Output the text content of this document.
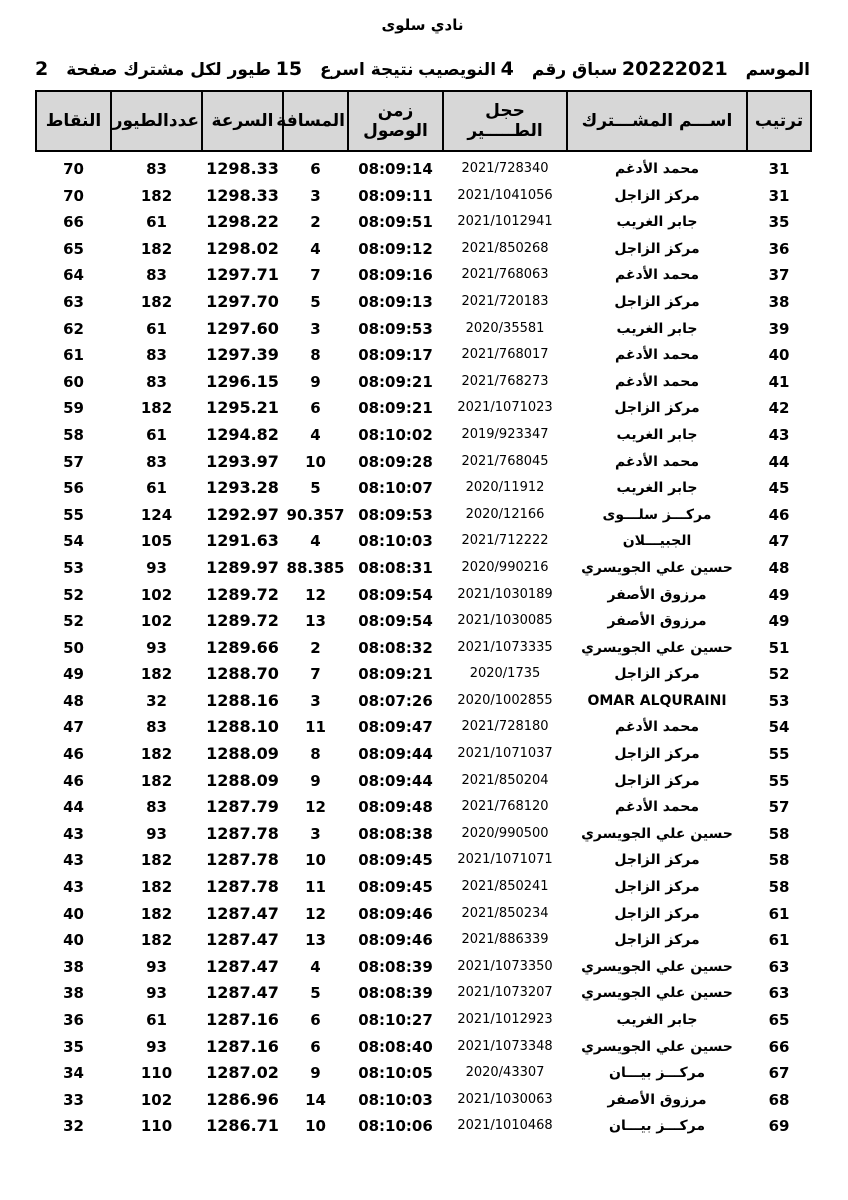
نادي سلوى
الموسم
20222021
سباق رقم
4
النويصيب
نتيجة اسرع
15
طيور لكل مشترك صفحة
2
ترتيب	اســـم المشـــترك	حجل الطـــــير	زمن الوصول	المسافة	السرعة	عددالطيور	النقاط
31	محمد الأدغم	2021/728340	08:09:14	6	1298.33	83	70
31	مركز الزاجل	2021/1041056	08:09:11	3	1298.33	182	70
35	جابر الغريب	2021/1012941	08:09:51	2	1298.22	61	66
36	مركز الزاجل	2021/850268	08:09:12	4	1298.02	182	65
37	محمد الأدغم	2021/768063	08:09:16	7	1297.71	83	64
38	مركز الزاجل	2021/720183	08:09:13	5	1297.70	182	63
39	جابر الغريب	2020/35581	08:09:53	3	1297.60	61	62
40	محمد الأدغم	2021/768017	08:09:17	8	1297.39	83	61
41	محمد الأدغم	2021/768273	08:09:21	9	1296.15	83	60
42	مركز الزاجل	2021/1071023	08:09:21	6	1295.21	182	59
43	جابر الغريب	2019/923347	08:10:02	4	1294.82	61	58
44	محمد الأدغم	2021/768045	08:09:28	10	1293.97	83	57
45	جابر الغريب	2020/11912	08:10:07	5	1293.28	61	56
46	مركـــز سلـــوى	2020/12166	08:09:53	90.357	1292.97	124	55
47	الجبيـــلان	2021/712222	08:10:03	4	1291.63	105	54
48	حسين علي الجويسري	2020/990216	08:08:31	88.385	1289.97	93	53
49	مرزوق الأصفر	2021/1030189	08:09:54	12	1289.72	102	52
49	مرزوق الأصفر	2021/1030085	08:09:54	13	1289.72	102	52
51	حسين علي الجويسري	2021/1073335	08:08:32	2	1289.66	93	50
52	مركز الزاجل	2020/1735	08:09:21	7	1288.70	182	49
53	OMAR ALQURAINI	2020/1002855	08:07:26	3	1288.16	32	48
54	محمد الأدغم	2021/728180	08:09:47	11	1288.10	83	47
55	مركز الزاجل	2021/1071037	08:09:44	8	1288.09	182	46
55	مركز الزاجل	2021/850204	08:09:44	9	1288.09	182	46
57	محمد الأدغم	2021/768120	08:09:48	12	1287.79	83	44
58	حسين علي الجويسري	2020/990500	08:08:38	3	1287.78	93	43
58	مركز الزاجل	2021/1071071	08:09:45	10	1287.78	182	43
58	مركز الزاجل	2021/850241	08:09:45	11	1287.78	182	43
61	مركز الزاجل	2021/850234	08:09:46	12	1287.47	182	40
61	مركز الزاجل	2021/886339	08:09:46	13	1287.47	182	40
63	حسين علي الجويسري	2021/1073350	08:08:39	4	1287.47	93	38
63	حسين علي الجويسري	2021/1073207	08:08:39	5	1287.47	93	38
65	جابر الغريب	2021/1012923	08:10:27	6	1287.16	61	36
66	حسين علي الجويسري	2021/1073348	08:08:40	6	1287.16	93	35
67	مركـــز بيـــان	2020/43307	08:10:05	9	1287.02	110	34
68	مرزوق الأصفر	2021/1030063	08:10:03	14	1286.96	102	33
69	مركـــز بيـــان	2021/1010468	08:10:06	10	1286.71	110	32
